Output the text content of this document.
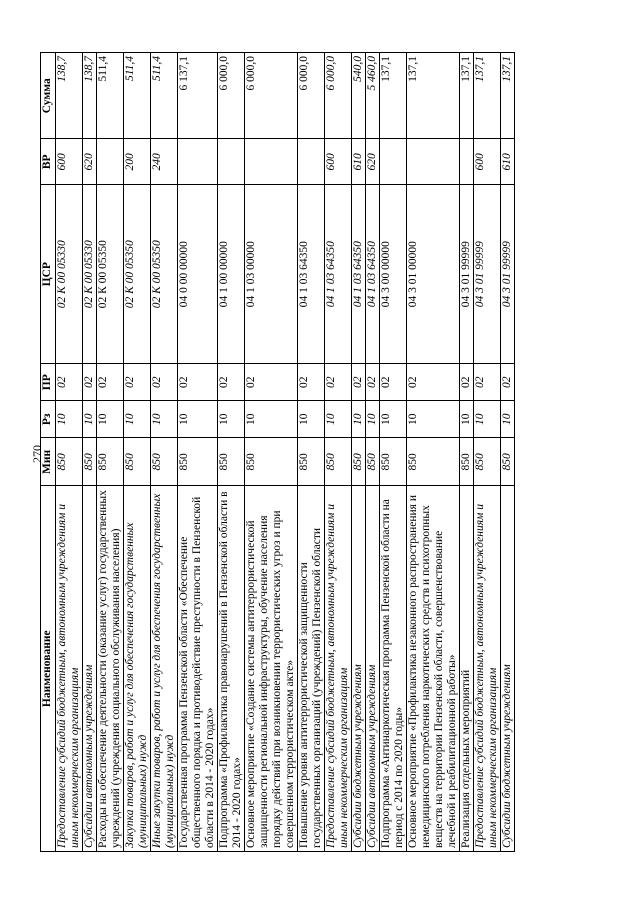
270
Наименование	Мин	Рз	ПР	ЦСР	ВР	Сумма
Предоставление субсидий бюджетным, автономным учреждениям и иным некоммерческим организациям	850	10	02	02 К 00 05330	600	138,7
Субсидии автономным учреждениям	850	10	02	02 К 00 05330	620	138,7
Расходы на обеспечение деятельности (оказание услуг) государственных учреждений (учреждения социального обслуживания населения)	850	10	02	02 К 00 05350		511,4
Закупка товаров, работ и услуг для обеспечения государственных (муниципальных) нужд	850	10	02	02 К 00 05350	200	511,4
Иные закупки товаров, работ и услуг для обеспечения государственных (муниципальных) нужд	850	10	02	02 К 00 05350	240	511,4
Государственная программа Пензенской области «Обеспечение общественного порядка и противодействие преступности в Пензенской области в 2014 - 2020 годах»	850	10	02	04 0 00 00000		6 137,1
Подпрограмма «Профилактика правонарушений в Пензенской области в 2014 - 2020 годах»	850	10	02	04 1 00 00000		6 000,0
Основное мероприятие «Создание системы антитеррористической защищенности региональной инфраструктуры, обучение населения порядку действий при возникновении террористических угроз и при совершенном террористическом акте»	850	10	02	04 1 03 00000		6 000,0
Повышение уровня антитеррористической защищенности государственных организаций (учреждений) Пензенской области	850	10	02	04 1 03 64350		6 000,0
Предоставление субсидий бюджетным, автономным учреждениям и иным некоммерческим организациям	850	10	02	04 1 03 64350	600	6 000,0
Субсидии бюджетным учреждениям	850	10	02	04 1 03 64350	610	540,0
Субсидии автономным учреждениям	850	10	02	04 1 03 64350	620	5 460,0
Подпрограмма «Антинаркотическая программа Пензенской области на период с 2014 по 2020 годы»	850	10	02	04 3 00 00000		137,1
Основное мероприятие «Профилактика незаконного распространения и немедицинского потребления наркотических средств и психотропных веществ на территории Пензенской области, совершенствование лечебной и реабилитационной работы»	850	10	02	04 3 01 00000		137,1
Реализация отдельных мероприятий	850	10	02	04 3 01 99999		137,1
Предоставление субсидий бюджетным, автономным учреждениям и иным некоммерческим организациям	850	10	02	04 3 01 99999	600	137,1
Субсидии бюджетным учреждениям	850	10	02	04 3 01 99999	610	137,1
